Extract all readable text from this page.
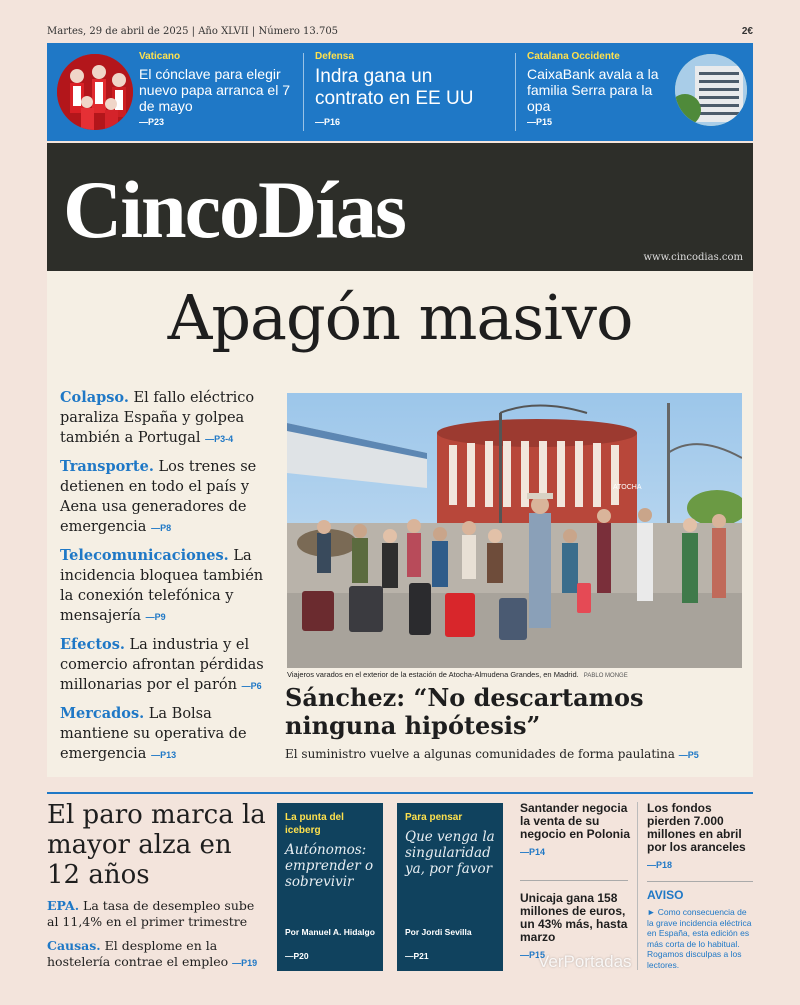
Martes, 29 de abril de 2025 | Año XLVII | Número 13.705	2€
Vaticano
El cónclave para elegir nuevo papa arranca el 7 de mayo
—P23
Defensa
Indra gana un contrato en EE UU
—P16
Catalana Occidente
CaixaBank avala a la familia Serra para la opa
—P15
CincoDías
www.cincodias.com
Apagón masivo
Colapso. El fallo eléctrico paraliza España y golpea también a Portugal —P3-4
Transporte. Los trenes se detienen en todo el país y Aena usa generadores de emergencia —P8
Telecomunicaciones. La incidencia bloquea también la conexión telefónica y mensajería —P9
Efectos. La industria y el comercio afrontan pérdidas millonarias por el parón —P6
Mercados. La Bolsa mantiene su operativa de emergencia —P13
ATOCHA
Viajeros varados en el exterior de la estación de Atocha-Almudena Grandes, en Madrid. PABLO MONGE
Sánchez: “No descartamos ninguna hipótesis”
El suministro vuelve a algunas comunidades de forma paulatina —P5
El paro marca la mayor alza en 12 años
EPA. La tasa de desempleo sube al 11,4% en el primer trimestre
Causas. El desplome en la hostelería contrae el empleo —P19
La punta del iceberg
Autónomos: emprender o sobrevivir
Por Manuel A. Hidalgo
—P20
Para pensar
Que venga la singularidad ya, por favor
Por Jordi Sevilla
—P21
Santander negocia la venta de su negocio en Polonia
—P14
Unicaja gana 158 millones de euros, un 43% más, hasta marzo
—P15
Los fondos pierden 7.000 millones en abril por los aranceles
—P18
AVISO
► Como consecuencia de la grave incidencia eléctrica en España, esta edición es más corta de lo habitual. Rogamos disculpas a los lectores.
VerPortadas
